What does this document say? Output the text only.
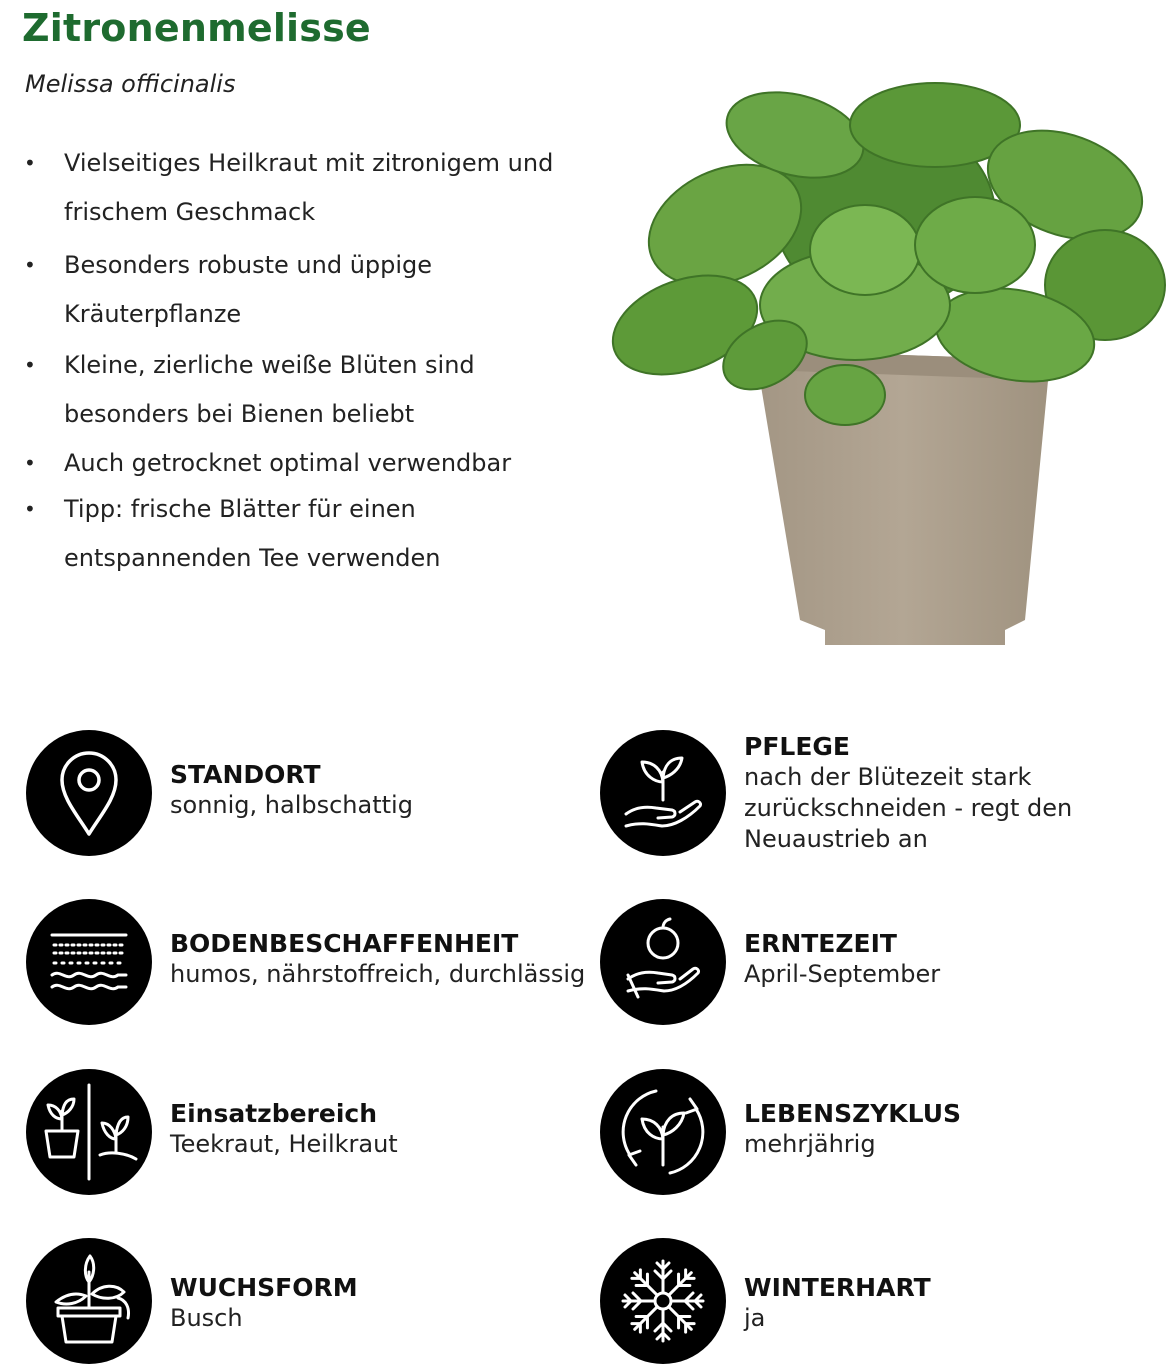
Zitronenmelisse

Melissa officinalis

• Vielseitiges Heilkraut mit zitronigem und
frischem Geschmack
• Besonders robuste und üppige
Kräuterpflanze
• Kleine, zierliche weiße Blüten sind
besonders bei Bienen beliebt
• Auch getrocknet optimal verwendbar
• Tipp: frische Blätter für einen
entspannenden Tee verwenden
STANDORT
sonnig, halbschattig
PFLEGE
nach der Blütezeit stark
zurückschneiden - regt den
Neuaustrieb an
BODENBESCHAFFENHEIT
humos, nährstoffreich, durchlässig
ERNTEZEIT
April-September
Einsatzbereich
Teekraut, Heilkraut
LEBENSZYKLUS
mehrjährig
WUCHSFORM
Busch
WINTERHART
ja
